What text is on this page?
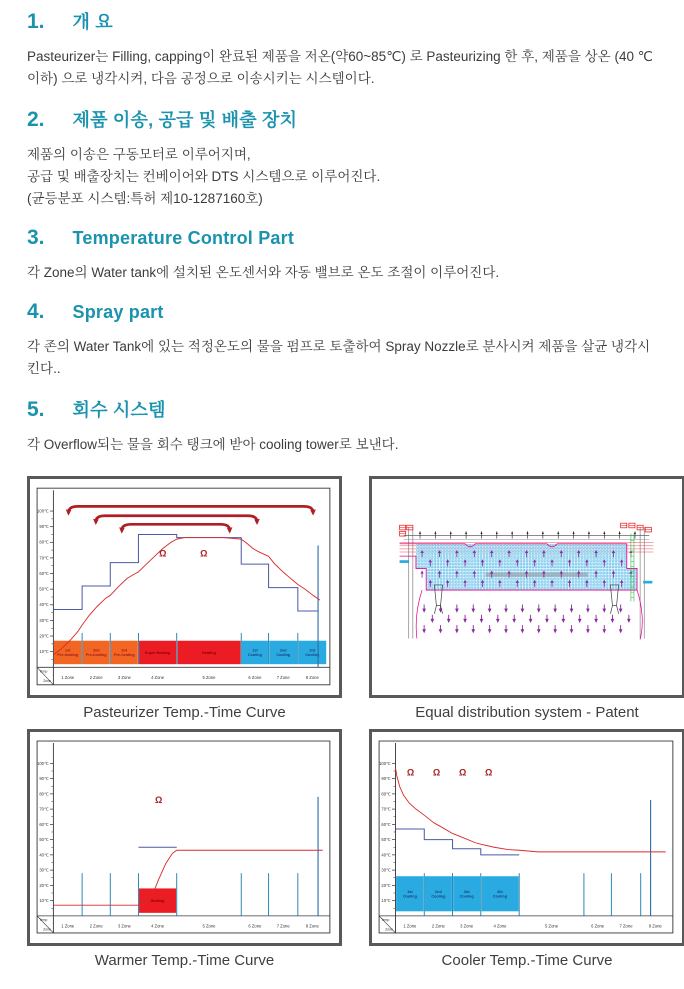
1. 개 요
Pasteurizer는 Filling, capping이 완료된 제품을 저온(약60~85℃) 로 Pasteurizing 한 후, 제품을 상온 (40 ℃ 이하) 으로 냉각시켜, 다음 공정으로 이송시키는 시스템이다.
2. 제품 이송, 공급 및 배출 장치
제품의 이송은 구동모터로 이루어지며,
공급 및 배출장치는 컨베이어와 DTS 시스템으로 이루어진다.
(균등분포 시스템:특허 제10-1287160호)
3. Temperature Control Part
각 Zone의 Water tank에 설치된 온도센서와 자동 밸브로 온도 조절이 이루어진다.
4. Spray part
각 존의 Water Tank에 있는 적정온도의 물을 펌프로 토출하여 Spray Nozzle로 분사시켜 제품을 살균 냉각시킨다..
5. 회수 시스템
각 Overflow되는 물을 회수 탱크에 받아 cooling tower로 보낸다.
Temp
Zone
100℃
90℃
80℃
70℃
60℃
50℃
40℃
30℃
20℃
10℃	1st
Pre-heating
2nd
Pre-heating
3rd
Pre-heating
Super Heating	Heating
1st
Cooling
2nd
Cooling
3rd
Cooling
1 Zone	2 Zone	3 Zone	4 Zone	5 Zone	6 Zone	7 Zone	8 Zone
Ω	Ω
Pasteurizer Temp.-Time Curve	Equal distribution system - Patent
Temp
Zone
100℃
90℃
80℃
70℃
60℃
50℃
40℃
30℃
20℃
10℃	Heating
1 Zone	2 Zone	3 Zone	4 Zone	5 Zone	6 Zone	7 Zone	8 Zone
Ω
Warmer Temp.-Time Curve
Temp
Zone
100℃
90℃
80℃
70℃
60℃
50℃
40℃
30℃
20℃
10℃
1st
Cooling
2nd
Cooling
3rd
Cooling
4th
Cooling
1 Zone	2 Zone	3 Zone	4 Zone	5 Zone	6 Zone	7 Zone	8 Zone
Ω Ω Ω Ω
Cooler Temp.-Time Curve
